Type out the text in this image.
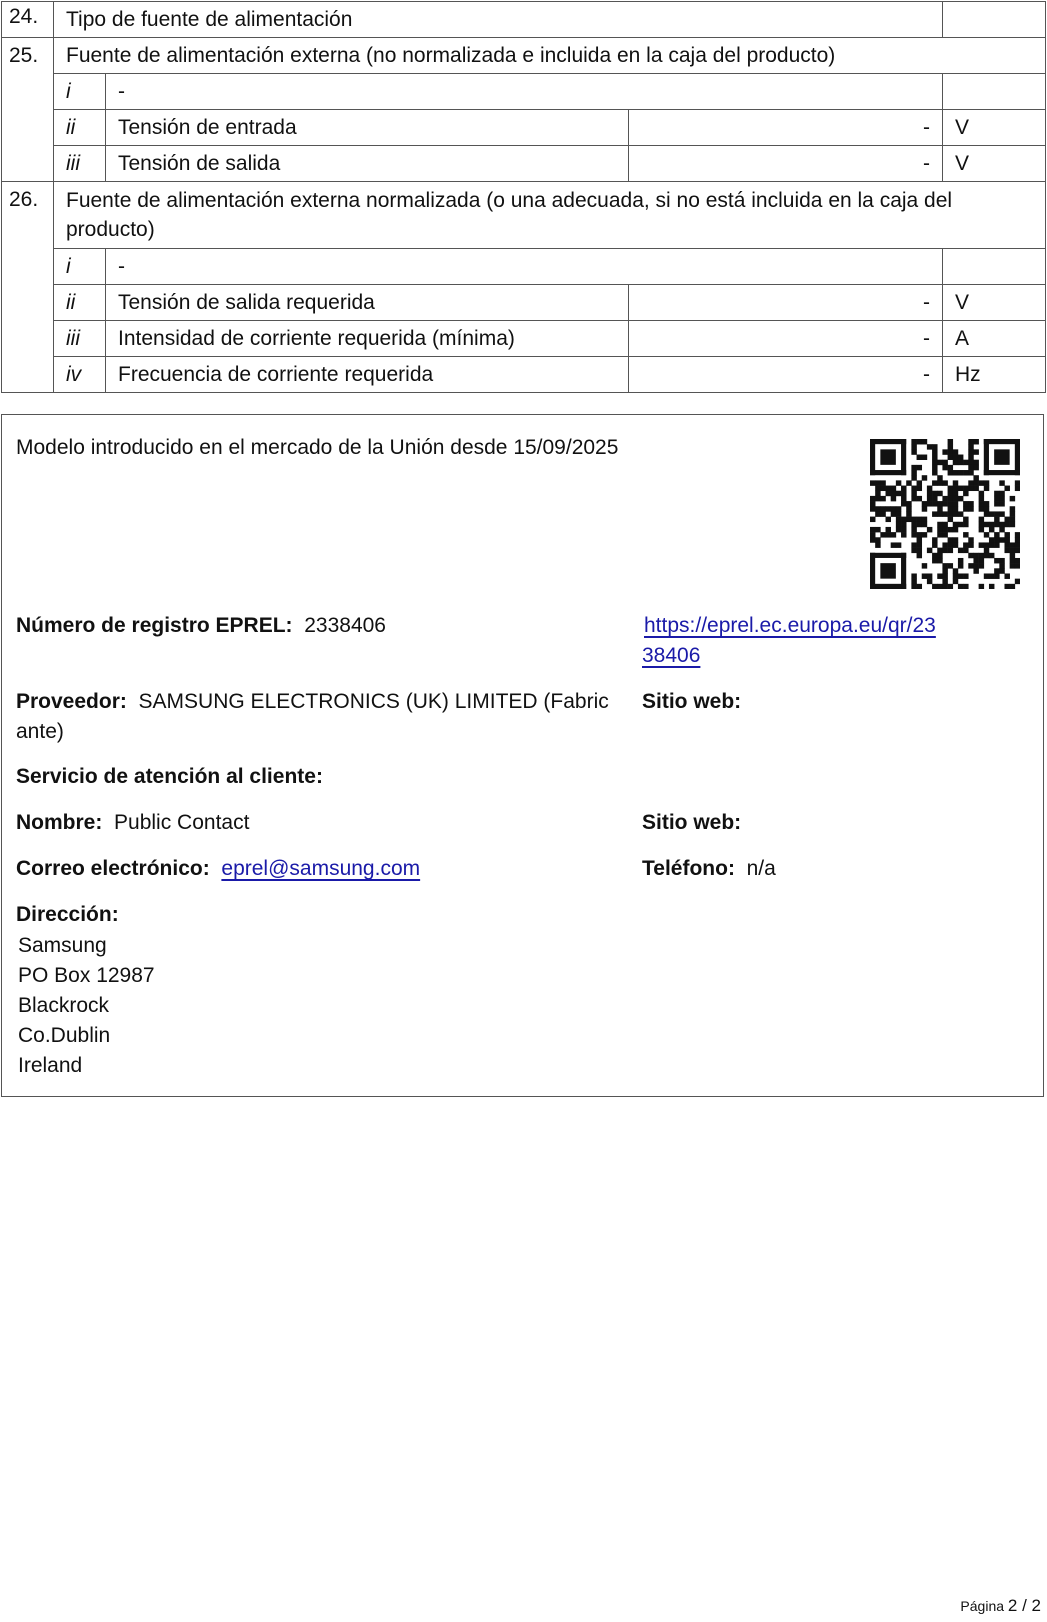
24.	Tipo de fuente de alimentación			
25.	Fuente de alimentación externa (no normalizada e incluida en la caja del producto)			
	i	-		
	ii	Tensión de entrada	-	V
	iii	Tensión de salida	-	V
26.	Fuente de alimentación externa normalizada (o una adecuada, si no está incluida en la caja del producto)			
	i	-		
	ii	Tensión de salida requerida	-	V
	iii	Intensidad de corriente requerida (mínima)	-	A
	iv	Frecuencia de corriente requerida	-	Hz
Modelo introducido en el mercado de la Unión desde 15/09/2025
Número de registro EPREL: 2338406	https://eprel.ec.europa.eu/qr/23
38406
Proveedor: SAMSUNG ELECTRONICS (UK) LIMITED (Fabric
ante)
Sitio web:
Servicio de atención al cliente:
Nombre: Public Contact	Sitio web:
Correo electrónico: eprel@samsung.com	Teléfono: n/a
Dirección:
Samsung
PO Box 12987
Blackrock
Co.Dublin
Ireland
Página 2 / 2
